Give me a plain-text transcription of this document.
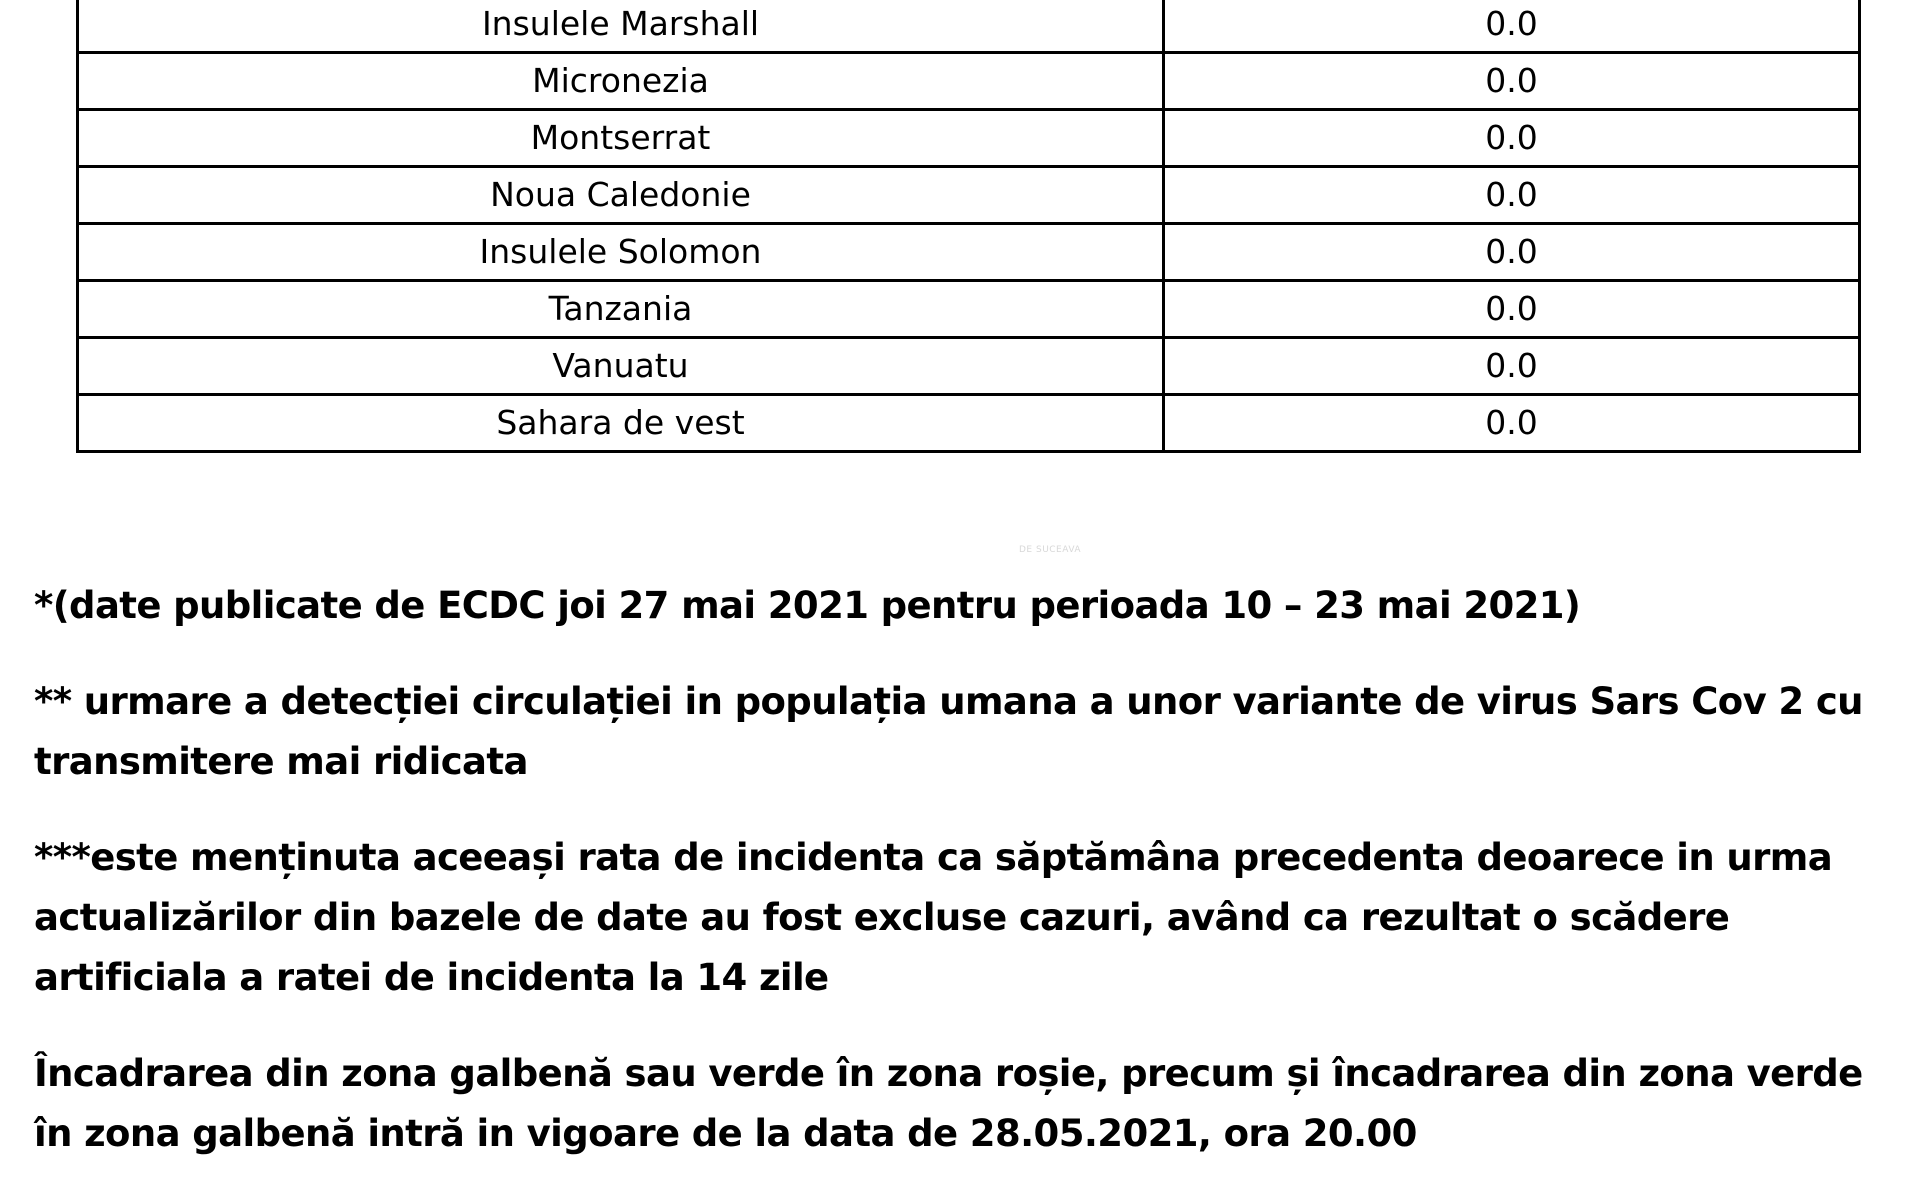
Insulele Marshall	0.0
Micronezia	0.0
Montserrat	0.0
Noua Caledonie	0.0
Insulele Solomon	0.0
Tanzania	0.0
Vanuatu	0.0
Sahara de vest	0.0
DE SUCEAVA

*(date publicate de ECDC joi 27 mai 2021 pentru perioada 10 – 23 mai 2021)

** urmare a detecției circulației in populația umana a unor variante de virus Sars Cov 2 cu transmitere mai ridicata

***este menținuta aceeași rata de incidenta ca săptămâna precedenta deoarece in urma actualizărilor din bazele de date au fost excluse cazuri, având ca rezultat o scădere artificiala a ratei de incidenta la 14 zile

Încadrarea din zona galbenă sau verde în zona roșie, precum și încadrarea din zona verde în zona galbenă intră in vigoare de la data de 28.05.2021, ora 20.00
